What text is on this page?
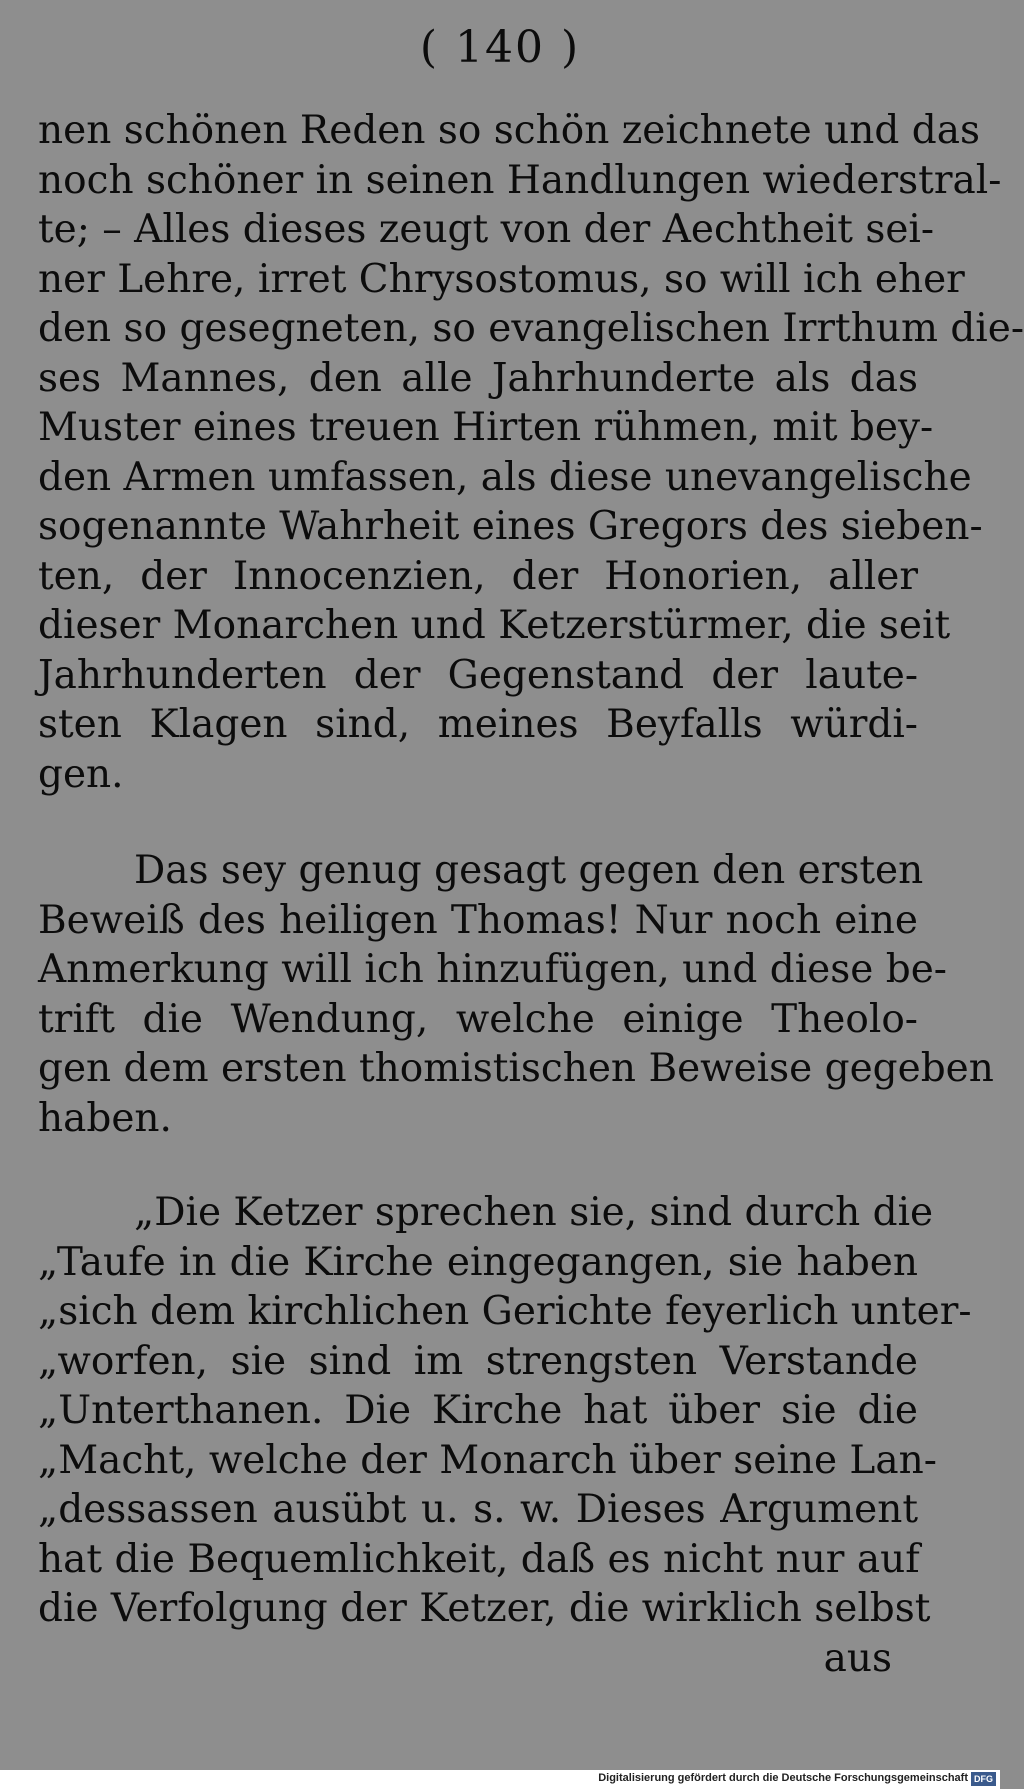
( 140 )
nen schönen Reden so schön zeichnete und das
noch schöner in seinen Handlungen wiederstral-
te; – Alles dieses zeugt von der Aechtheit sei-
ner Lehre, irret Chrysostomus, so will ich eher
den so gesegneten, so evangelischen Irrthum die-
ses Mannes, den alle Jahrhunderte als das
Muster eines treuen Hirten rühmen, mit bey-
den Armen umfassen, als diese unevangelische
sogenannte Wahrheit eines Gregors des sieben-
ten, der Innocenzien, der Honorien, aller
dieser Monarchen und Ketzerstürmer, die seit
Jahrhunderten der Gegenstand der laute-
sten Klagen sind, meines Beyfalls würdi-
gen.
Das sey genug gesagt gegen den ersten
Beweiß des heiligen Thomas! Nur noch eine
Anmerkung will ich hinzufügen, und diese be-
trift die Wendung, welche einige Theolo-
gen dem ersten thomistischen Beweise gegeben
haben.
„Die Ketzer sprechen sie, sind durch die
„Taufe in die Kirche eingegangen, sie haben
„sich dem kirchlichen Gerichte feyerlich unter-
„worfen, sie sind im strengsten Verstande
„Unterthanen. Die Kirche hat über sie die
„Macht, welche der Monarch über seine Lan-
„dessassen ausübt u. s. w. Dieses Argument
hat die Bequemlichkeit, daß es nicht nur auf
die Verfolgung der Ketzer, die wirklich selbst
aus
Digitalisierung gefördert durch die Deutsche Forschungsgemeinschaft DFG
